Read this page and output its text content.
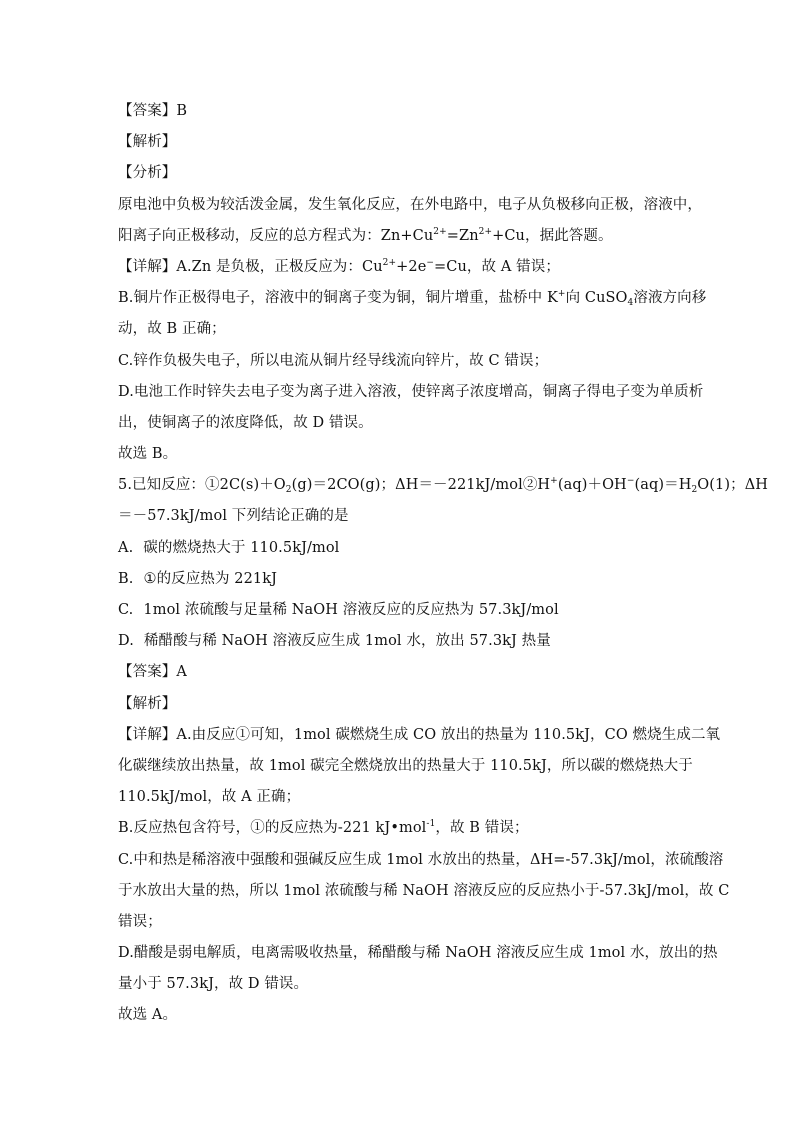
【答案】B
【解析】
【分析】
原电池中负极为较活泼金属，发生氧化反应，在外电路中，电子从负极移向正极，溶液中，
阳离子向正极移动，反应的总方程式为：$Zn+Cu^{2+}=Zn^{2+}+Cu$，据此答题。
【详解】A.Zn 是负极，正极反应为：$Cu^{2+}+2e^-=Cu$，故 A 错误；
B.铜片作正极得电子，溶液中的铜离子变为铜，铜片增重，盐桥中 K+向 CuSO$_4$溶液方向移
动，故 B 正确；
C.锌作负极失电子，所以电流从铜片经导线流向锌片，故 C 错误；
D.电池工作时锌失去电子变为离子进入溶液，使锌离子浓度增高，铜离子得电子变为单质析
出，使铜离子的浓度降低，故 D 错误。
故选 B。
5.已知反应：$①2C(s)+O_2(g)=2CO(g)$；$\Delta H=-221kJ/mol②H^+(aq)+OH^-(aq)=H_2O(1)$；ΔH
＝－57.3kJ/mol 下列结论正确的是
A. 碳的燃烧热大于 110.5kJ/mol
B. ①的反应热为 221kJ
C. 1mol 浓硫酸与足量稀 NaOH 溶液反应的反应热为 57.3kJ/mol
D. 稀醋酸与稀 NaOH 溶液反应生成 1mol 水，放出 57.3kJ 热量
【答案】A
【解析】
【详解】A.由反应①可知，1mol 碳燃烧生成 CO 放出的热量为 110.5kJ，CO 燃烧生成二氧
化碳继续放出热量，故 1mol 碳完全燃烧放出的热量大于 110.5kJ，所以碳的燃烧热大于
110.5kJ/mol，故 A 正确；
B.反应热包含符号，①的反应热为-221 kJ•mol$^{-1}$，故 B 错误；
C.中和热是稀溶液中强酸和强碱反应生成 1mol 水放出的热量，ΔH=-57.3kJ/mol，浓硫酸溶
于水放出大量的热，所以 1mol 浓硫酸与稀 NaOH 溶液反应的反应热小于-57.3kJ/mol，故 C
错误；
D.醋酸是弱电解质，电离需吸收热量，稀醋酸与稀 NaOH 溶液反应生成 1mol 水，放出的热
量小于 57.3kJ，故 D 错误。
故选 A。
